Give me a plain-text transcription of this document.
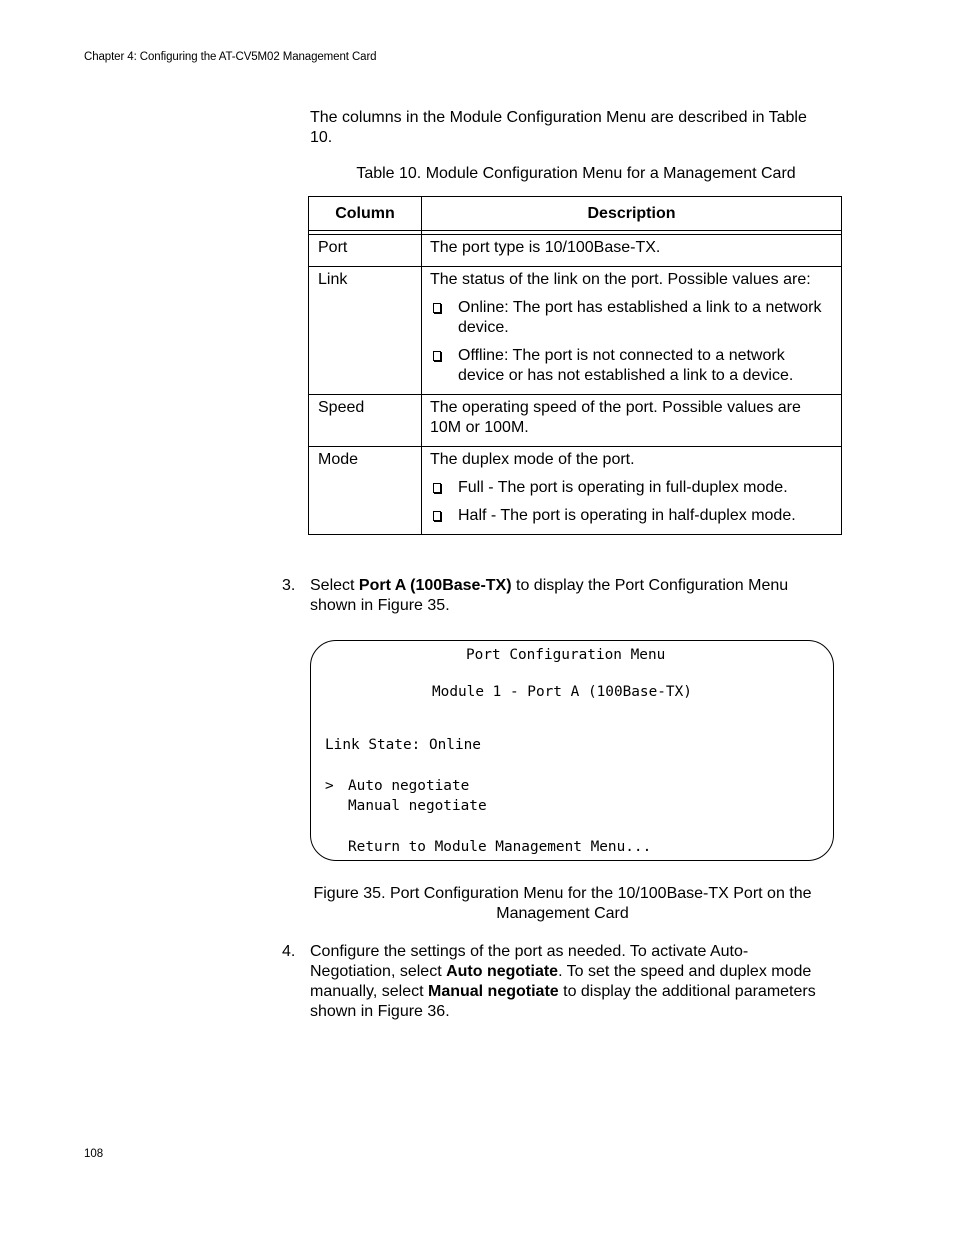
Chapter 4: Configuring the AT-CV5M02 Management Card
The columns in the Module Configuration Menu are described in Table 10.
Table 10. Module Configuration Menu for a Management Card
Column	Description

Port	The port type is 10/100Base-TX.

Link	The status of the link on the port. Possible values are:
Online: The port has established a link to a network device.
Offline: The port is not connected to a network device or has not established a link to a device.

Speed	The operating speed of the port. Possible values are 10M or 100M.

Mode	The duplex mode of the port.
Full - The port is operating in full-duplex mode.
Half - The port is operating in half-duplex mode.
3. Select Port A (100Base-TX) to display the Port Configuration Menu shown in Figure 35.
Port Configuration Menu
Module 1 - Port A (100Base-TX)
Link State: Online
> Auto negotiate
Manual negotiate
Return to Module Management Menu...
Figure 35. Port Configuration Menu for the 10/100Base-TX Port on the
Management Card
4. Configure the settings of the port as needed. To activate Auto-Negotiation, select Auto negotiate. To set the speed and duplex mode manually, select Manual negotiate to display the additional parameters shown in Figure 36.
108
